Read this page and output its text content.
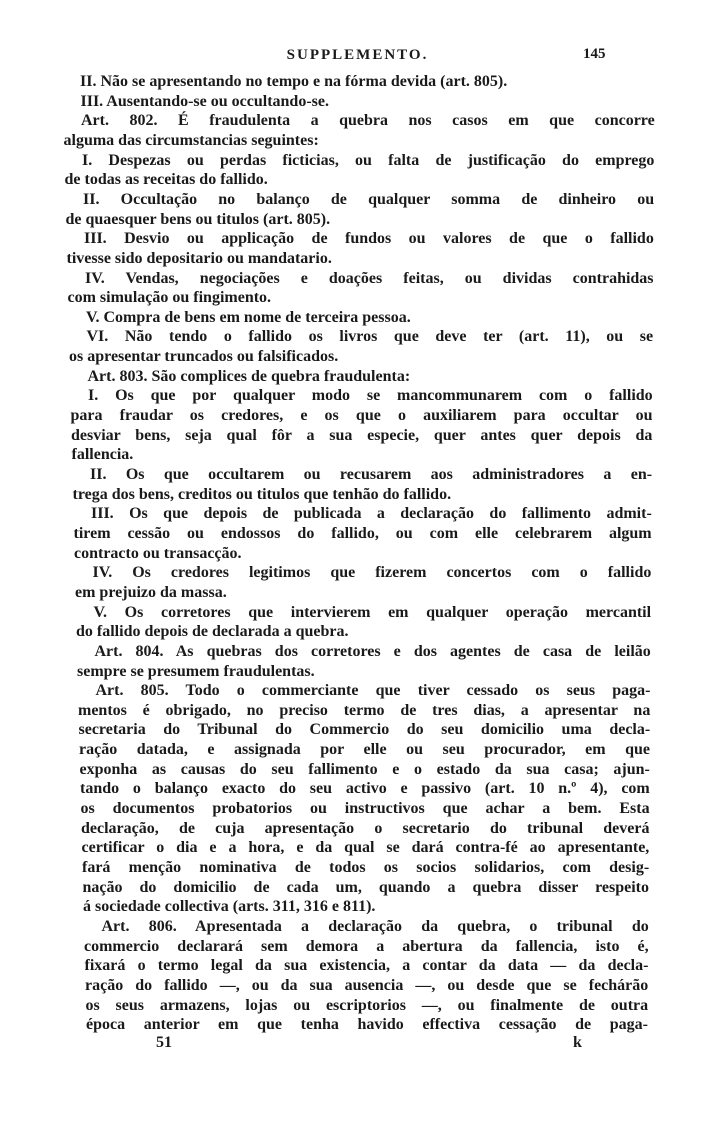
SUPPLEMENTO.	145
II. Não se apresentando no tempo e na fórma devida (art. 805).
III. Ausentando-se ou occultando-se.
Art. 802. É fraudulenta a quebra nos casos em que concorre
alguma das circumstancias seguintes:
I. Despezas ou perdas ficticias, ou falta de justificação do emprego
de todas as receitas do fallido.
II. Occultação no balanço de qualquer somma de dinheiro ou
de quaesquer bens ou titulos (art. 805).
III. Desvio ou applicação de fundos ou valores de que o fallido
tivesse sido depositario ou mandatario.
IV. Vendas, negociações e doações feitas, ou dividas contrahidas
com simulação ou fingimento.
V. Compra de bens em nome de terceira pessoa.
VI. Não tendo o fallido os livros que deve ter (art. 11), ou se
os apresentar truncados ou falsificados.
Art. 803. São complices de quebra fraudulenta:
I. Os que por qualquer modo se mancommunarem com o fallido
para fraudar os credores, e os que o auxiliarem para occultar ou
desviar bens, seja qual fôr a sua especie, quer antes quer depois da
fallencia.
II. Os que occultarem ou recusarem aos administradores a en-
trega dos bens, creditos ou titulos que tenhão do fallido.
III. Os que depois de publicada a declaração do fallimento admit-
tirem cessão ou endossos do fallido, ou com elle celebrarem algum
contracto ou transacção.
IV. Os credores legitimos que fizerem concertos com o fallido
em prejuizo da massa.
V. Os corretores que intervierem em qualquer operação mercantil
do fallido depois de declarada a quebra.
Art. 804. As quebras dos corretores e dos agentes de casa de leilão
sempre se presumem fraudulentas.
Art. 805. Todo o commerciante que tiver cessado os seus paga-
mentos é obrigado, no preciso termo de tres dias, a apresentar na
secretaria do Tribunal do Commercio do seu domicilio uma decla-
ração datada, e assignada por elle ou seu procurador, em que
exponha as causas do seu fallimento e o estado da sua casa; ajun-
tando o balanço exacto do seu activo e passivo (art. 10 n.º 4), com
os documentos probatorios ou instructivos que achar a bem. Esta
declaração, de cuja apresentação o secretario do tribunal deverá
certificar o dia e a hora, e da qual se dará contra-fé ao apresentante,
fará menção nominativa de todos os socios solidarios, com desig-
nação do domicilio de cada um, quando a quebra disser respeito
á sociedade collectiva (arts. 311, 316 e 811).
Art. 806. Apresentada a declaração da quebra, o tribunal do
commercio declarará sem demora a abertura da fallencia, isto é,
fixará o termo legal da sua existencia, a contar da data — da decla-
ração do fallido —, ou da sua ausencia —, ou desde que se fechárão
os seus armazens, lojas ou escriptorios —, ou finalmente de outra
época anterior em que tenha havido effectiva cessação de paga-
51	k
